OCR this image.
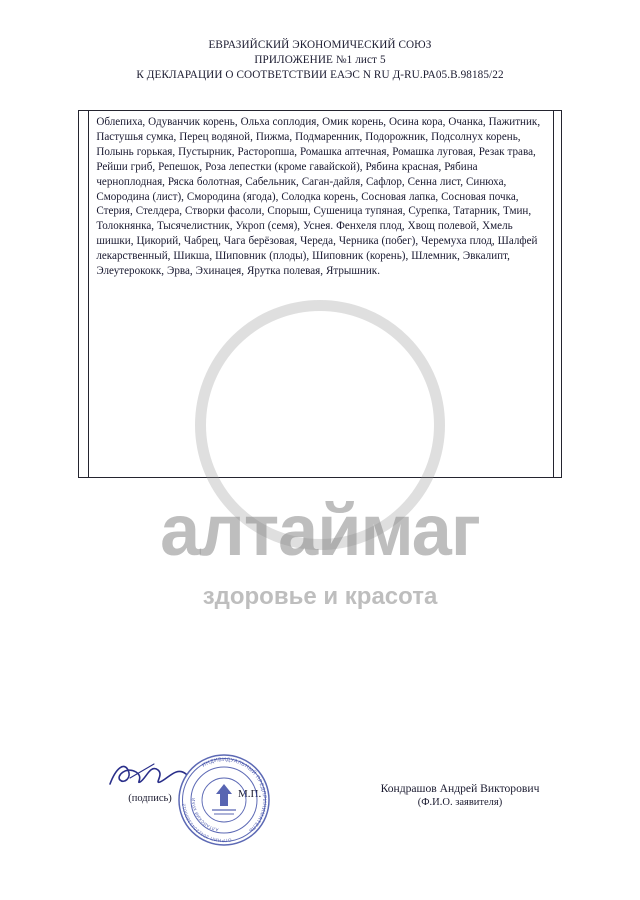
ЕВРАЗИЙСКИЙ ЭКОНОМИЧЕСКИЙ СОЮЗ
ПРИЛОЖЕНИЕ №1 лист 5
К ДЕКЛАРАЦИИ О СООТВЕТСТВИИ ЕАЭС N RU Д-RU.РА05.В.98185/22
Облепиха, Одуванчик корень, Ольха соплодия, Омик корень, Осина кора, Очанка, Пажитник, Пастушья сумка, Перец водяной, Пижма, Подмаренник, Подорожник, Подсолнух корень, Полынь горькая, Пустырник, Расторопша, Ромашка аптечная, Ромашка луговая, Резак трава, Рейши гриб, Репешок, Роза лепестки (кроме гавайской), Рябина красная, Рябина черноплодная, Ряска болотная, Сабельник, Саган-дайля, Сафлор, Сенна лист, Синюха, Смородина (лист), Смородина (ягода), Солодка корень, Сосновая лапка, Сосновая почка, Стерия, Стелдера, Створки фасоли, Спорыш, Сушеница тупяная, Сурепка, Татарник, Тмин, Толокнянка, Тысячелистник, Укроп (семя), Уснея. Фенхеля плод, Хвощ полевой, Хмель шишки, Цикорий, Чабрец, Чага берёзовая, Череда, Черника (побег), Черемуха плод, Шалфей лекарственный, Шикша, Шиповник (плоды), Шиповник (корень), Шлемник, Эвкалипт, Элеутерококк, Эрва, Эхинацея, Ярутка полевая, Ятрышник.
алтаймаг
здоровье и красота
(подпись)	М.П.	Кондрашов Андрей Викторович
(Ф.И.О. заявителя)
ИНДИВИДУАЛЬНЫЙ ПРЕДПРИНИМАТЕЛЬ
ОГРНИП 304220433800012
АЛТАЙСКИЙ КРАЙ
